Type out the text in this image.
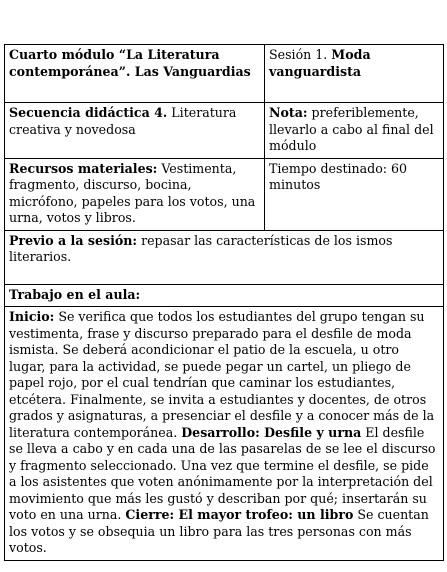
Cuarto módulo “La Literatura contemporánea”. Las Vanguardias	Sesión 1. Moda vanguardista
Secuencia didáctica 4. Literatura creativa y novedosa	Nota: preferiblemente, llevarlo a cabo al final del módulo
Recursos materiales: Vestimenta, fragmento, discurso, bocina, micrófono, papeles para los votos, una urna, votos y libros.	Tiempo destinado: 60 minutos
Previo a la sesión: repasar las características de los ismos literarios.	
Trabajo en el aula:	
Inicio: Se verifica que todos los estudiantes del grupo tengan su vestimenta, frase y discurso preparado para el desfile de moda ismista. Se deberá acondicionar el patio de la escuela, u otro lugar, para la actividad, se puede pegar un cartel, un pliego de papel rojo, por el cual tendrían que caminar los estudiantes, etcétera. Finalmente, se invita a estudiantes y docentes, de otros grados y asignaturas, a presenciar el desfile y a conocer más de la literatura contemporánea. Desarrollo: Desfile y urna El desfile se lleva a cabo y en cada una de las pasarelas de se lee el discurso y fragmento seleccionado. Una vez que termine el desfile, se pide a los asistentes que voten anónimamente por la interpretación del movimiento que más les gustó y describan por qué; insertarán su voto en una urna. Cierre: El mayor trofeo: un libro Se cuentan los votos y se obsequia un libro para las tres personas con más votos.	
